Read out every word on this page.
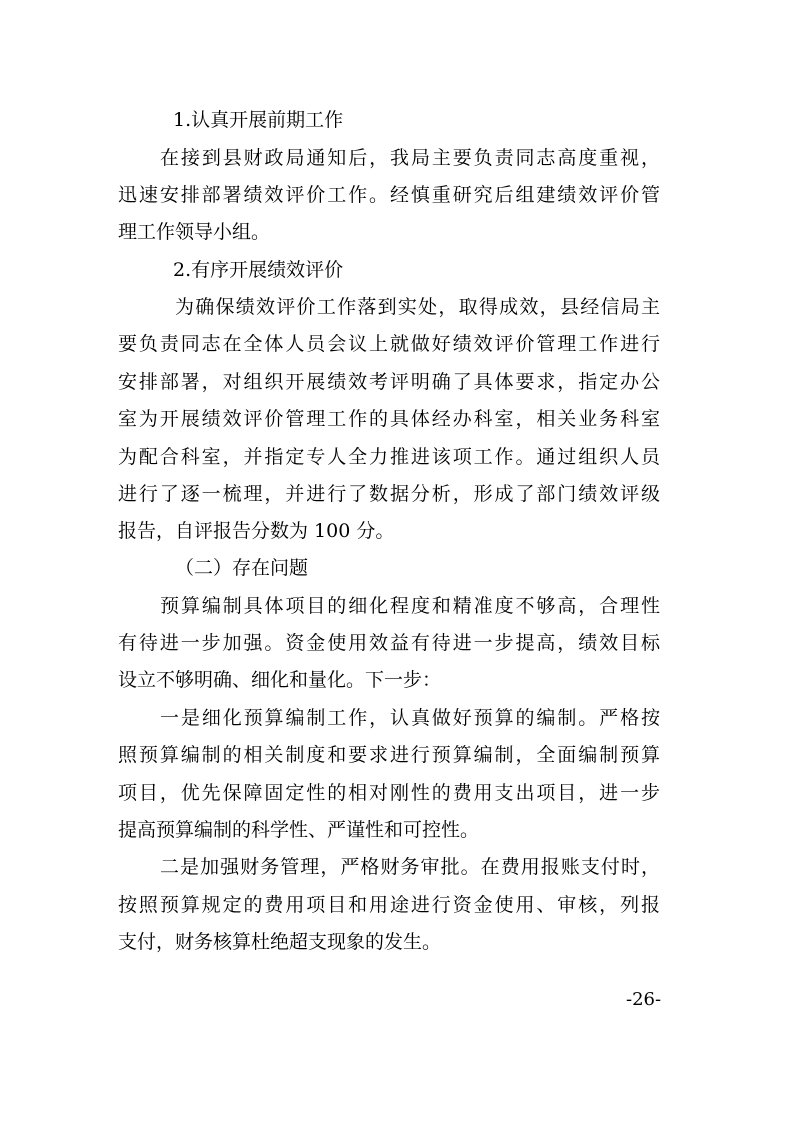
1.认真开展前期工作

在接到县财政局通知后，我局主要负责同志高度重视，

迅速安排部署绩效评价工作。经慎重研究后组建绩效评价管

理工作领导小组。

2.有序开展绩效评价

为确保绩效评价工作落到实处，取得成效，县经信局主

要负责同志在全体人员会议上就做好绩效评价管理工作进行

安排部署，对组织开展绩效考评明确了具体要求，指定办公

室为开展绩效评价管理工作的具体经办科室，相关业务科室

为配合科室，并指定专人全力推进该项工作。通过组织人员

进行了逐一梳理，并进行了数据分析，形成了部门绩效评级

报告，自评报告分数为 100 分。

（二）存在问题

预算编制具体项目的细化程度和精准度不够高，合理性

有待进一步加强。资金使用效益有待进一步提高，绩效目标

设立不够明确、细化和量化。下一步：

一是细化预算编制工作，认真做好预算的编制。严格按

照预算编制的相关制度和要求进行预算编制，全面编制预算

项目，优先保障固定性的相对刚性的费用支出项目，进一步

提高预算编制的科学性、严谨性和可控性。

二是加强财务管理，严格财务审批。在费用报账支付时，

按照预算规定的费用项目和用途进行资金使用、审核，列报

支付，财务核算杜绝超支现象的发生。

-26-
